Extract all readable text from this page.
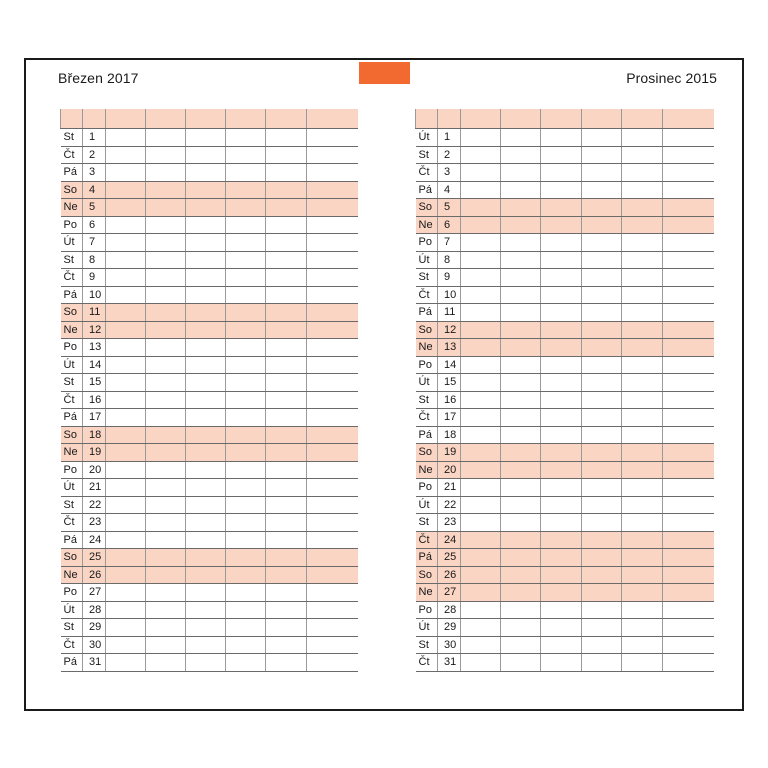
Březen 2017	Prosinec 2015

St	1						
Čt	2						
Pá	3						
So	4						
Ne	5						
Po	6						
Út	7						
St	8						
Čt	9						
Pá	10						
So	11						
Ne	12						
Po	13						
Út	14						
St	15						
Čt	16						
Pá	17						
So	18						
Ne	19						
Po	20						
Út	21						
St	22						
Čt	23						
Pá	24						
So	25						
Ne	26						
Po	27						
Út	28						
St	29						
Čt	30						
Pá	31						

Út	1						
St	2						
Čt	3						
Pá	4						
So	5						
Ne	6						
Po	7						
Út	8						
St	9						
Čt	10						
Pá	11						
So	12						
Ne	13						
Po	14						
Út	15						
St	16						
Čt	17						
Pá	18						
So	19						
Ne	20						
Po	21						
Út	22						
St	23						
Čt	24						
Pá	25						
So	26						
Ne	27						
Po	28						
Út	29						
St	30						
Čt	31						
